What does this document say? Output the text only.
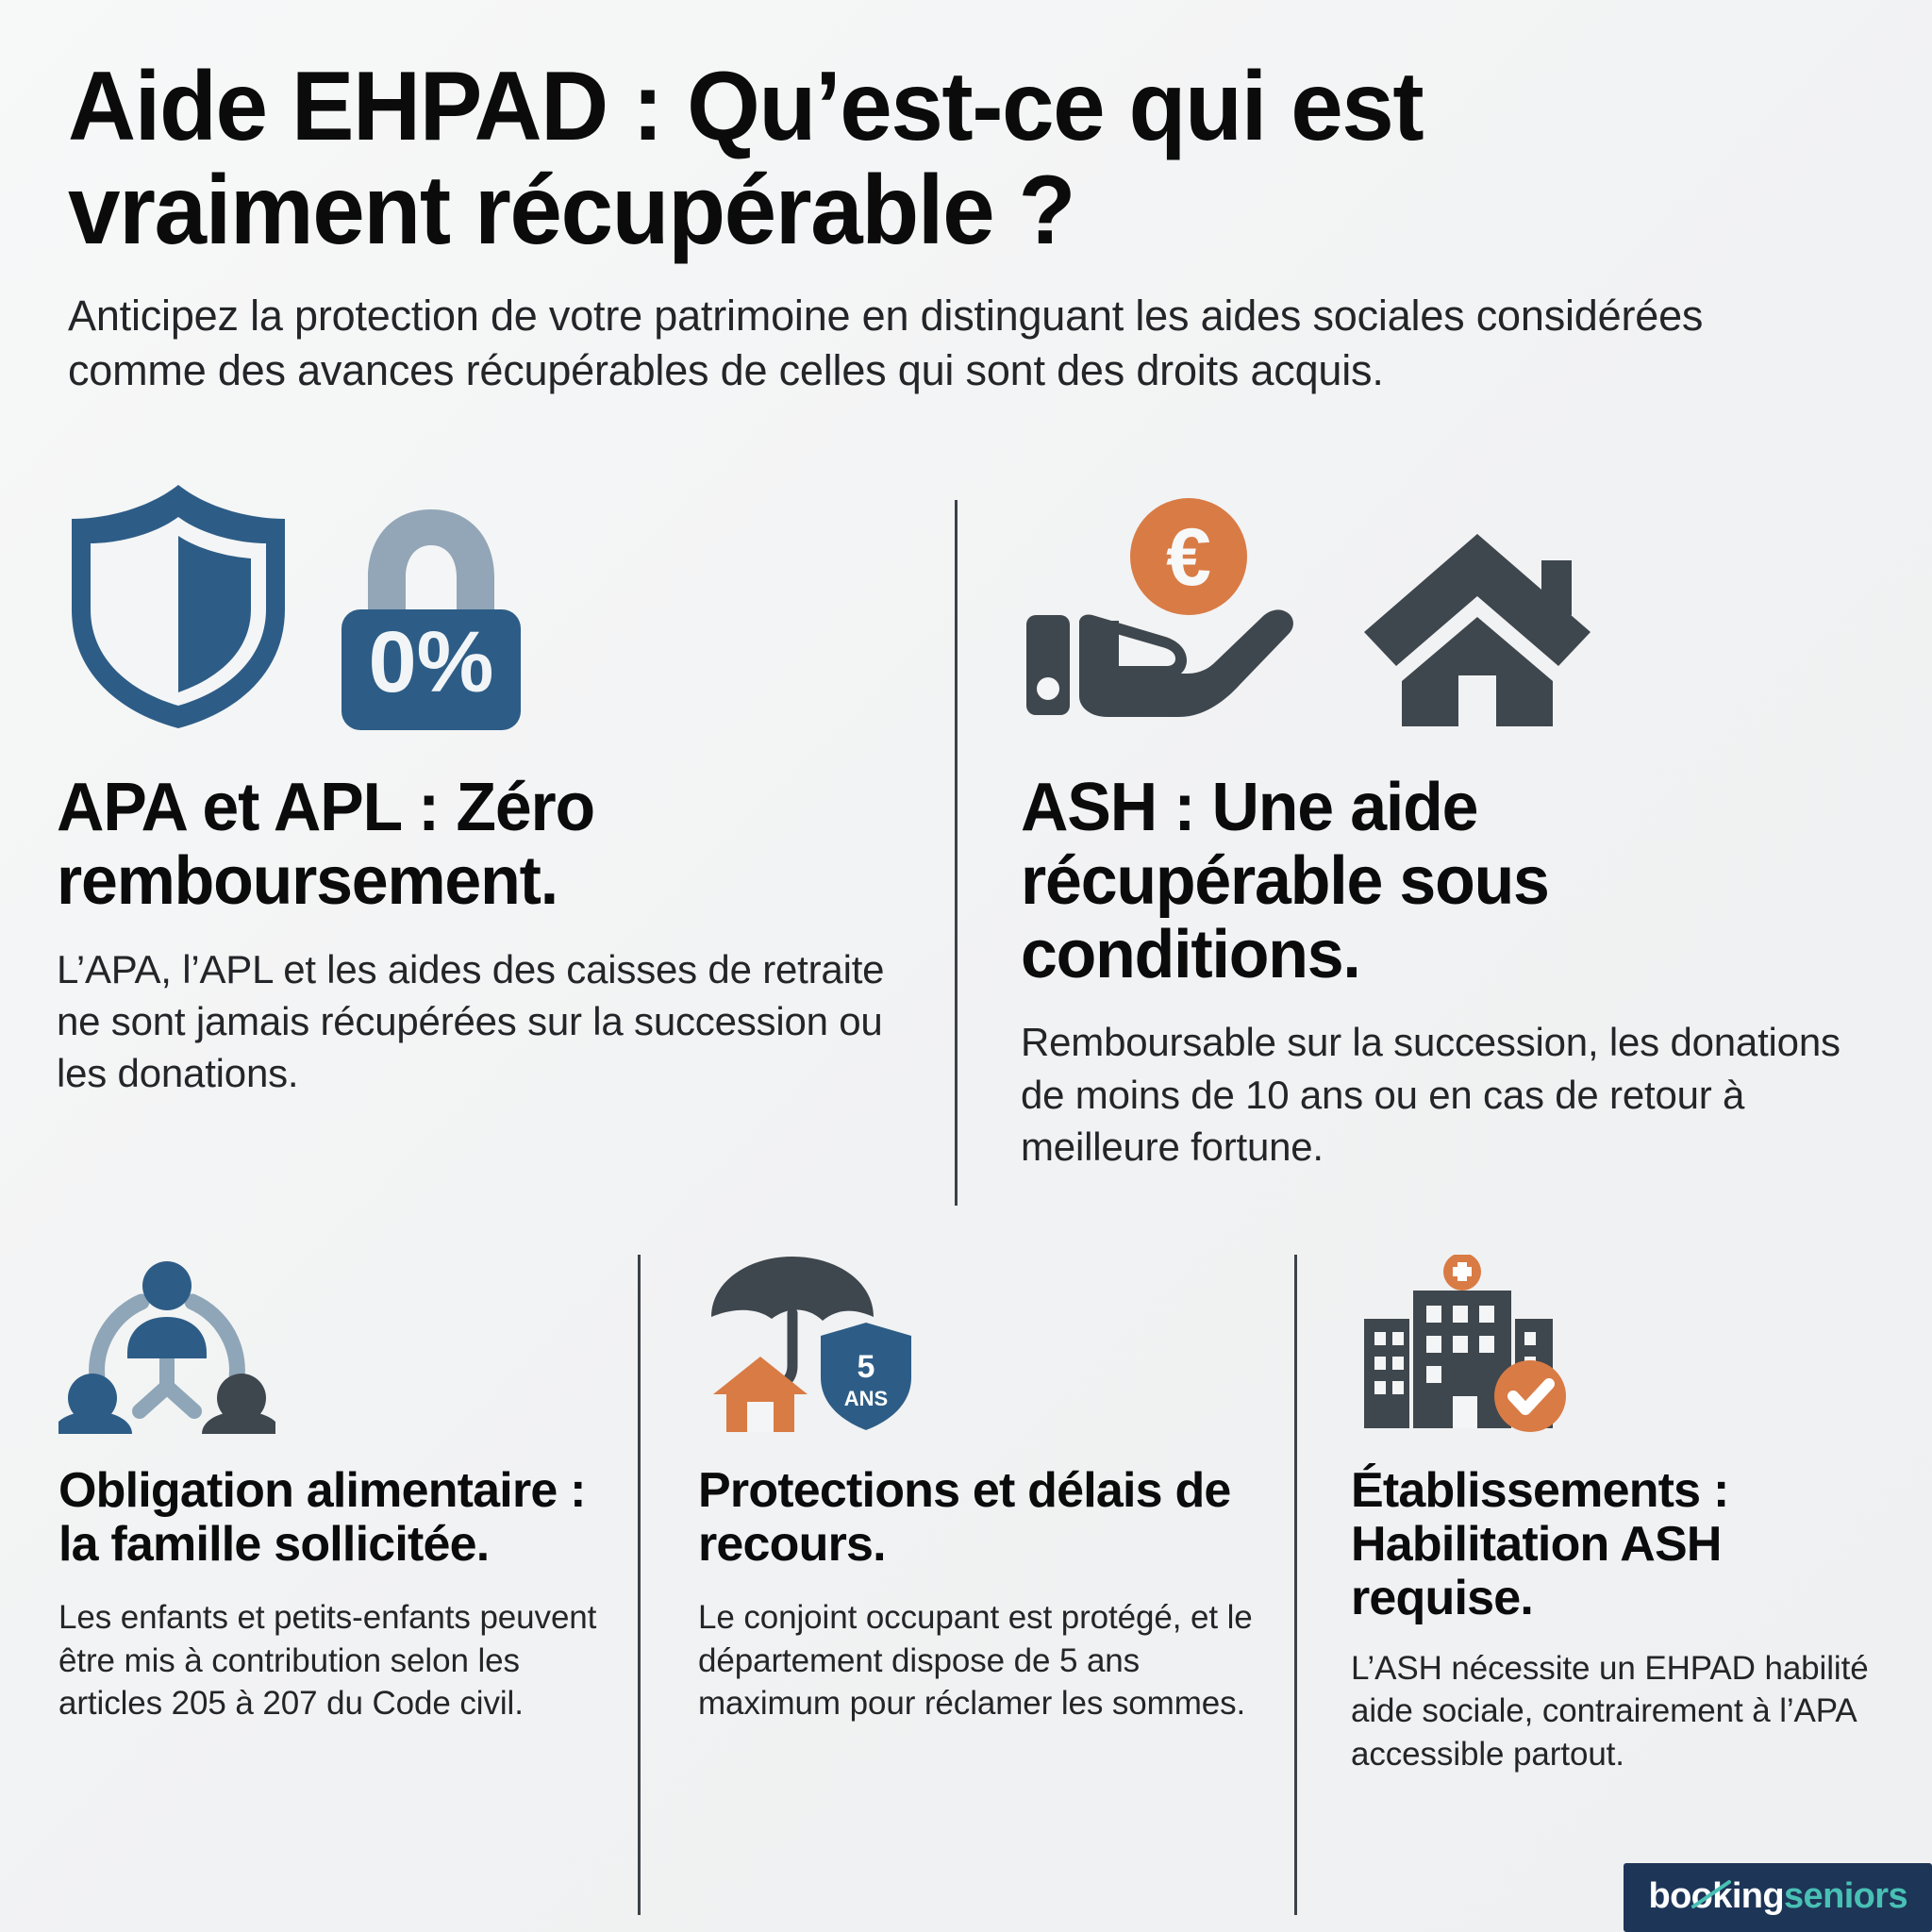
Aide EHPAD : Qu’est-ce qui est vraiment récupérable ?

Anticipez la protection de votre patrimoine en distinguant les aides sociales considérées comme des avances récupérables de celles qui sont des droits acquis.

0%
APA et APL : Zéro remboursement.

L’APA, l’APL et les aides des caisses de retraite ne sont jamais récupérées sur la succession ou les donations.

€
ASH : Une aide récupérable sous conditions.

Remboursable sur la succession, les donations de moins de 10 ans ou en cas de retour à meilleure fortune.

Obligation alimentaire : la famille sollicitée.

Les enfants et petits-enfants peuvent être mis à contribution selon les articles 205 à 207 du Code civil.

5
ANS
Protections et délais de recours.

Le conjoint occupant est protégé, et le département dispose de 5 ans maximum pour réclamer les sommes.

Établissements : Habilitation ASH requise.

L’ASH nécessite un EHPAD habilité aide sociale, contrairement à l’APA accessible partout.

bookingseniors
